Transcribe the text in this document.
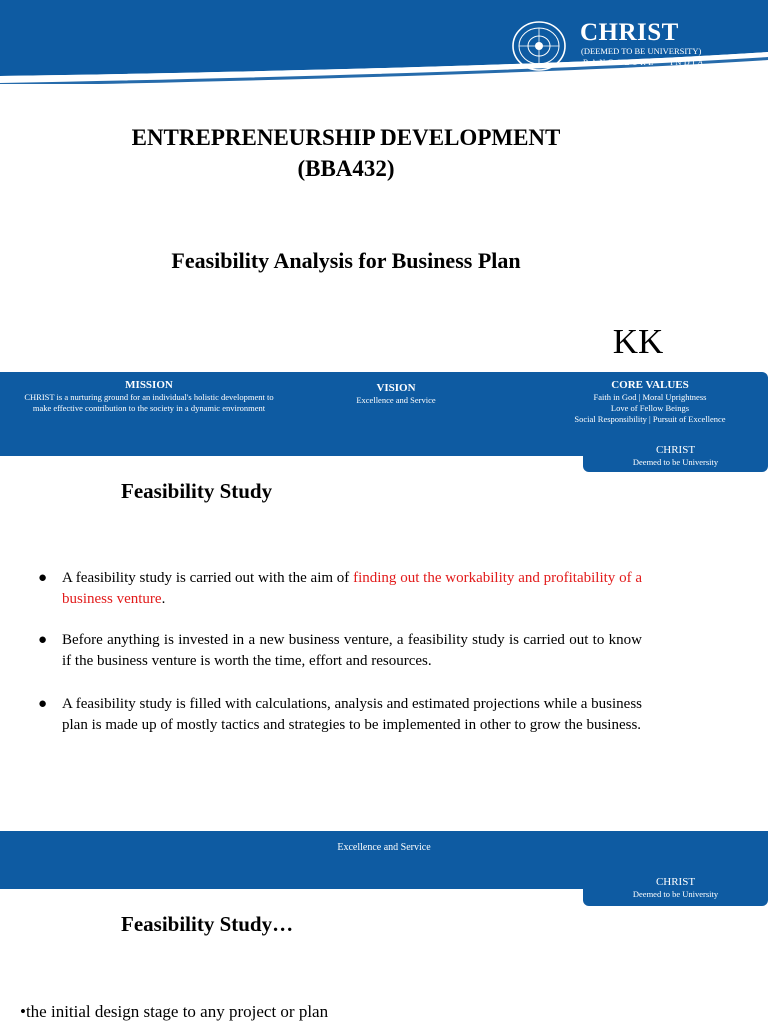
CHRIST
(DEEMED TO BE UNIVERSITY)
BANGALORE · INDIA
ENTREPRENEURSHIP DEVELOPMENT
(BBA432)
Feasibility Analysis for Business Plan
KK
MISSION
CHRIST is a nurturing ground for an individual's holistic development to
make effective contribution to the society in a dynamic environment
VISION
Excellence and Service
CORE VALUES
Faith in God | Moral Uprightness
Love of Fellow Beings
Social Responsibility | Pursuit of Excellence
CHRIST
Deemed to be University
Feasibility Study
● A feasibility study is carried out with the aim of finding out the workability and profitability of a business venture.
● Before anything is invested in a new business venture, a feasibility study is carried out to know if the business venture is worth the time, effort and resources.
● A feasibility study is filled with calculations, analysis and estimated projections while a business plan is made up of mostly tactics and strategies to be implemented in other to grow the business.
Excellence and Service
CHRIST
Deemed to be University
Feasibility Study…
•the initial design stage to any project or plan
